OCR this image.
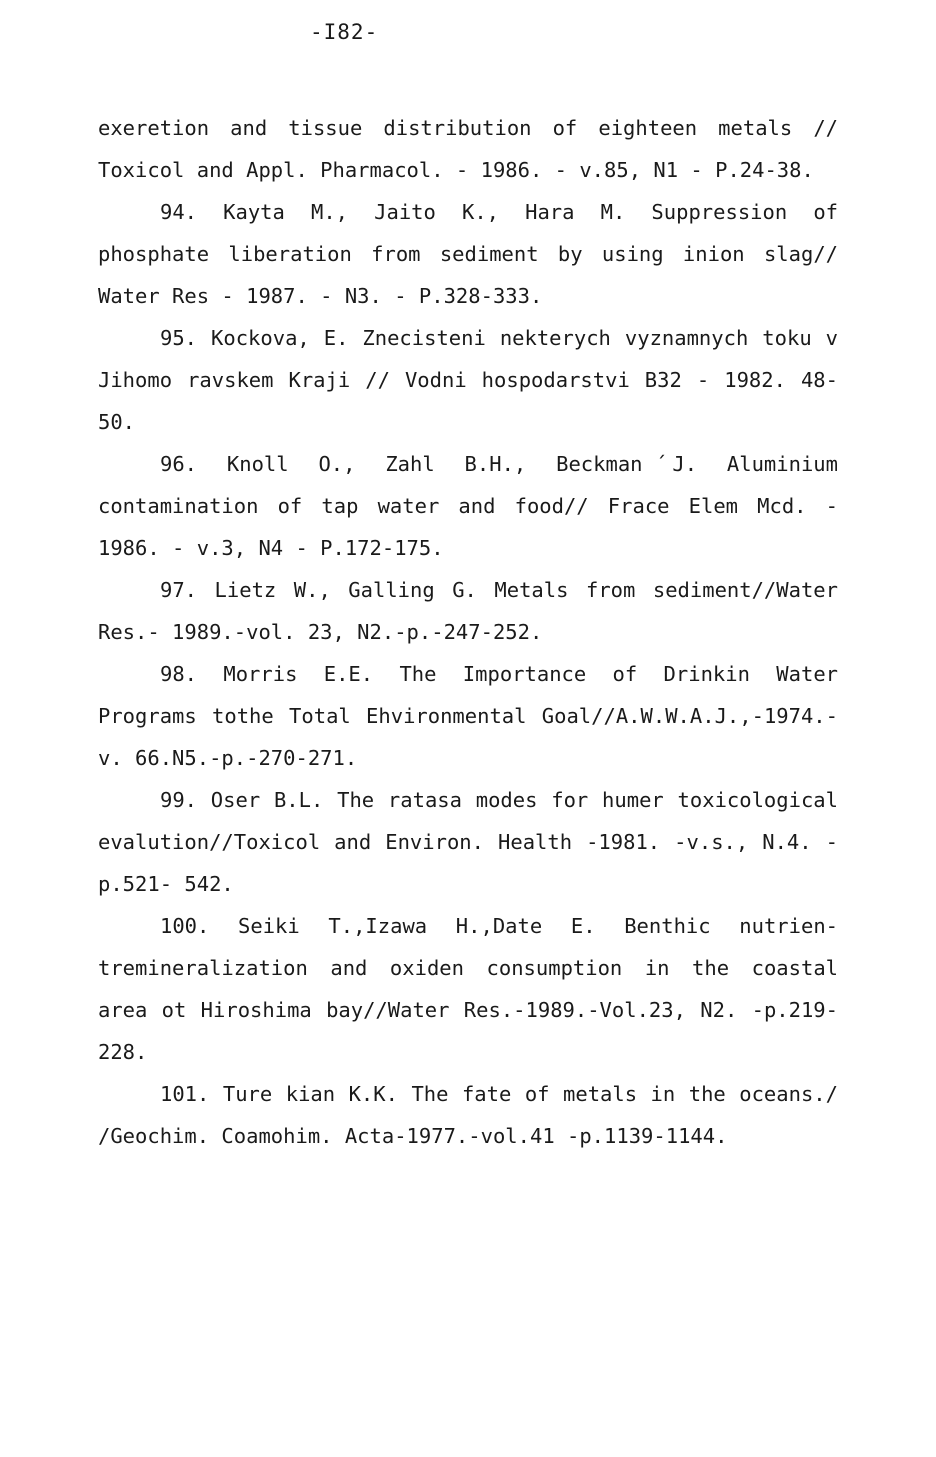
-I82-

exeretion and tissue distribution of eighteen metals // Toxicol and Appl. Pharmacol. - 1986. - v.85, N1 - P.24-38.

94. Kayta M., Jaito K., Hara M. Suppression of phosphate liberation from sediment by using inion slag// Water Res - 1987. - N3. - P.328-333.

95. Kockova, E. Znecisteni nekterych vyznamnych toku v Jihomo ravskem Kraji // Vodni hospodarstvi B32 - 1982. 48-50.

96. Knoll O., Zahl B.H., Beckman ́J. Aluminium contamination of tap water and food// Frace Elem Mcd. - 1986. - v.3, N4 - P.172-175.

97. Lietz W., Galling G. Metals from sediment//Water Res.- 1989.-vol. 23, N2.-p.-247-252.

98. Morris E.E. The Importance of Drinkin Water Programs tothe Total Ehvironmental Goal//A.W.W.A.J.,-1974.- v. 66.N5.-p.-270-271.

99. Oser B.L. The ratasa modes for humer toxicological evalution//Toxicol and Environ. Health -1981. -v.s., N.4. - p.521- 542.

100. Seiki T.,Izawa H.,Date E. Benthic nutrien-tremineralization and oxiden consumption in the coastal area ot Hiroshima bay//Water Res.-1989.-Vol.23, N2. -p.219-228.

101. Ture kian K.K. The fate of metals in the oceans./ /Geochim. Coamohim. Acta-1977.-vol.41 -p.1139-1144.
